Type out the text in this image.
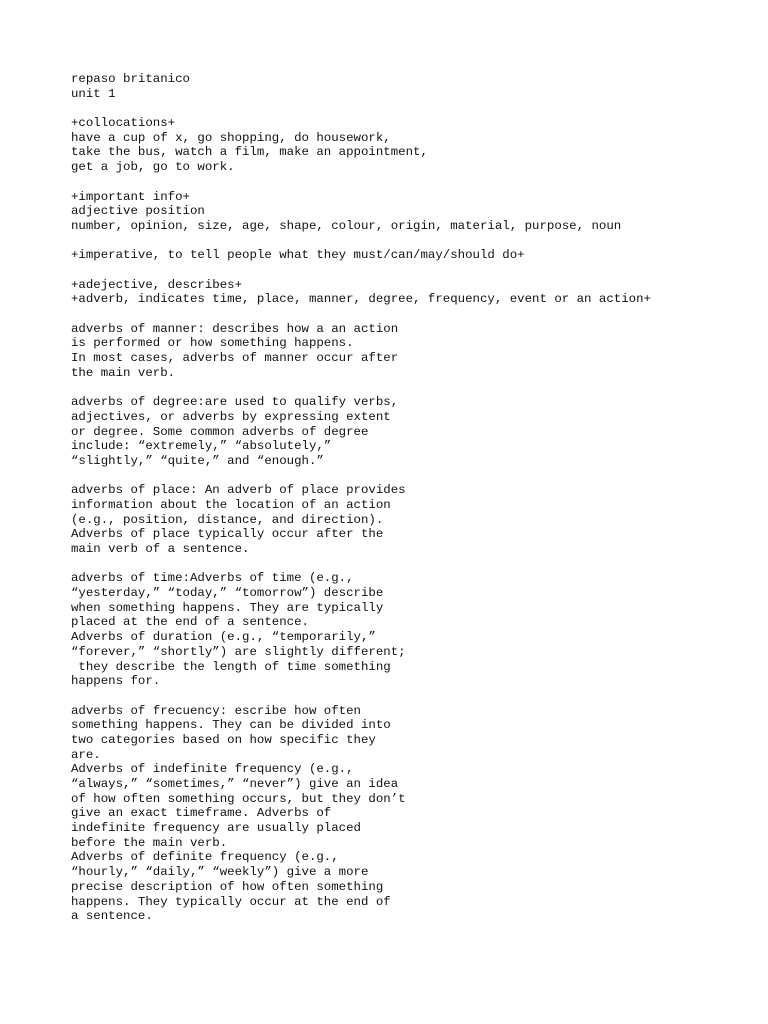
repaso britanico
unit 1
+collocations+
have a cup of x, go shopping, do housework,
take the bus, watch a film, make an appointment,
get a job, go to work.
+important info+
adjective position
number, opinion, size, age, shape, colour, origin, material, purpose, noun
+imperative, to tell people what they must/can/may/should do+
+adejective, describes+
+adverb, indicates time, place, manner, degree, frequency, event or an action+
adverbs of manner: describes how a an action
is performed or how something happens.
In most cases, adverbs of manner occur after
the main verb.
adverbs of degree:are used to qualify verbs,
adjectives, or adverbs by expressing extent
or degree. Some common adverbs of degree
include: “extremely,” “absolutely,”
“slightly,” “quite,” and “enough.”
adverbs of place: An adverb of place provides
information about the location of an action
(e.g., position, distance, and direction).
Adverbs of place typically occur after the
main verb of a sentence.
adverbs of time:Adverbs of time (e.g.,
“yesterday,” “today,” “tomorrow”) describe
when something happens. They are typically
placed at the end of a sentence.
Adverbs of duration (e.g., “temporarily,”
“forever,” “shortly”) are slightly different;
they describe the length of time something
happens for.
adverbs of frecuency: escribe how often
something happens. They can be divided into
two categories based on how specific they
are.
Adverbs of indefinite frequency (e.g.,
“always,” “sometimes,” “never”) give an idea
of how often something occurs, but they don’t
give an exact timeframe. Adverbs of
indefinite frequency are usually placed
before the main verb.
Adverbs of definite frequency (e.g.,
“hourly,” “daily,” “weekly”) give a more
precise description of how often something
happens. They typically occur at the end of
a sentence.
